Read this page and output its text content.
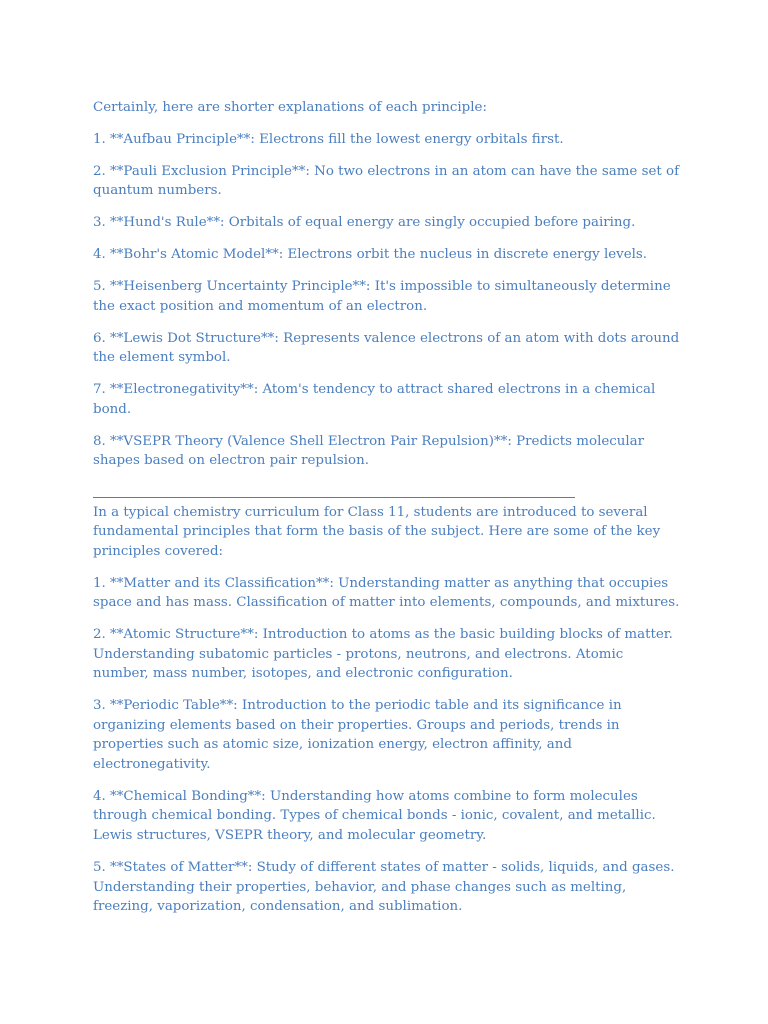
Certainly, here are shorter explanations of each principle:

1. **Aufbau Principle**: Electrons fill the lowest energy orbitals first.

2. **Pauli Exclusion Principle**: No two electrons in an atom can have the same set of quantum numbers.

3. **Hund's Rule**: Orbitals of equal energy are singly occupied before pairing.

4. **Bohr's Atomic Model**: Electrons orbit the nucleus in discrete energy levels.

5. **Heisenberg Uncertainty Principle**: It's impossible to simultaneously determine the exact position and momentum of an electron.

6. **Lewis Dot Structure**: Represents valence electrons of an atom with dots around the element symbol.

7. **Electronegativity**: Atom's tendency to attract shared electrons in a chemical bond.

8. **VSEPR Theory (Valence Shell Electron Pair Repulsion)**: Predicts molecular shapes based on electron pair repulsion.

In a typical chemistry curriculum for Class 11, students are introduced to several fundamental principles that form the basis of the subject. Here are some of the key principles covered:

1. **Matter and its Classification**: Understanding matter as anything that occupies space and has mass. Classification of matter into elements, compounds, and mixtures.

2. **Atomic Structure**: Introduction to atoms as the basic building blocks of matter. Understanding subatomic particles - protons, neutrons, and electrons. Atomic number, mass number, isotopes, and electronic configuration.

3. **Periodic Table**: Introduction to the periodic table and its significance in organizing elements based on their properties. Groups and periods, trends in properties such as atomic size, ionization energy, electron affinity, and electronegativity.

4. **Chemical Bonding**: Understanding how atoms combine to form molecules through chemical bonding. Types of chemical bonds - ionic, covalent, and metallic. Lewis structures, VSEPR theory, and molecular geometry.

5. **States of Matter**: Study of different states of matter - solids, liquids, and gases. Understanding their properties, behavior, and phase changes such as melting, freezing, vaporization, condensation, and sublimation.
